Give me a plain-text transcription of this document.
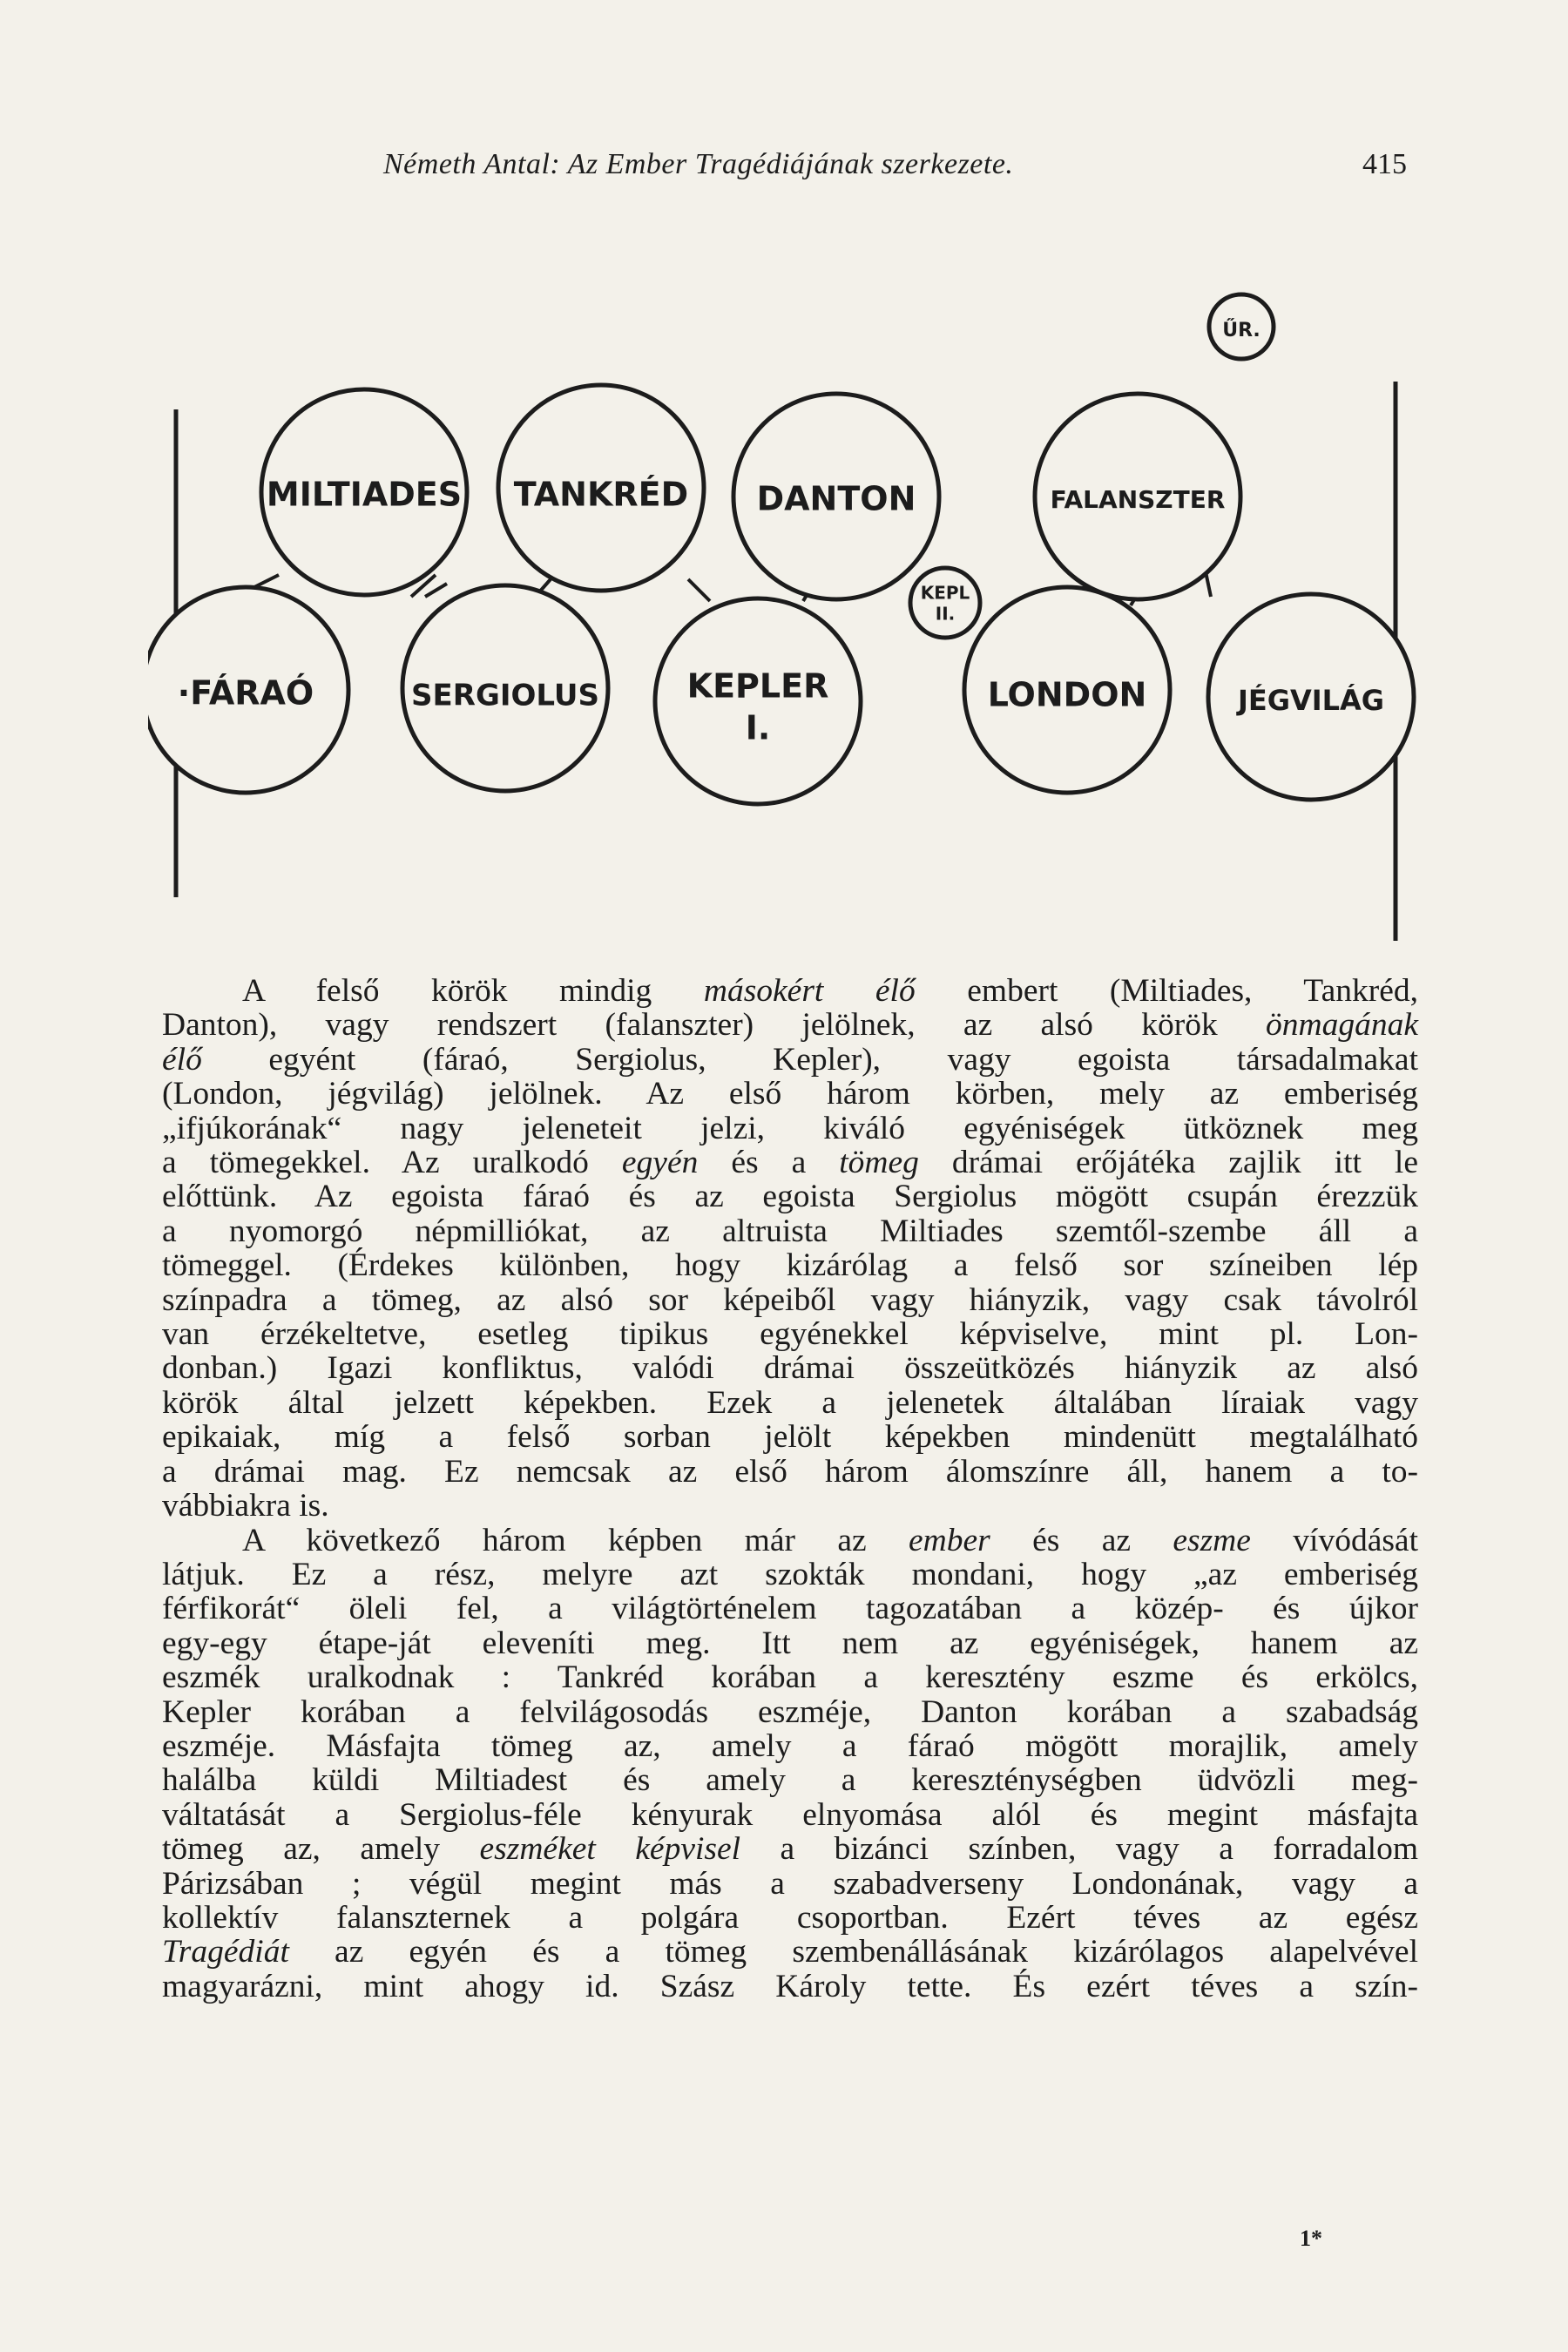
Németh Antal: Az Ember Tragédiájának szerkezete.	415
MILTIADES TANKRÉD DANTON	FALANSZTER
ŰR.
·FÁRAÓ	SERGIOLUS	KEPLER
I.
LONDON	JÉGVILÁG
KEPL
II.

A felső körök mindig másokért élő embert (Miltiades, Tankréd,
Danton), vagy rendszert (falanszter) jelölnek, az alsó körök önmagának
élő egyént (fáraó, Sergiolus, Kepler), vagy egoista társadalmakat
(London, jégvilág) jelölnek. Az első három körben, mely az emberiség
„ifjúkorának“ nagy jeleneteit jelzi, kiváló egyéniségek ütköznek meg
a tömegekkel. Az uralkodó egyén és a tömeg drámai erőjátéka zajlik itt le
előttünk. Az egoista fáraó és az egoista Sergiolus mögött csupán érezzük
a nyomorgó népmilliókat, az altruista Miltiades szemtől-szembe áll a
tömeggel. (Érdekes különben, hogy kizárólag a felső sor színeiben lép
színpadra a tömeg, az alsó sor képeiből vagy hiányzik, vagy csak távolról
van érzékeltetve, esetleg tipikus egyénekkel képviselve, mint pl. Lon-
donban.) Igazi konfliktus, valódi drámai összeütközés hiányzik az alsó
körök által jelzett képekben. Ezek a jelenetek általában líraiak vagy
epikaiak, míg a felső sorban jelölt képekben mindenütt megtalálható
a drámai mag. Ez nemcsak az első három álomszínre áll, hanem a to-
vábbiakra is.

A következő három képben már az ember és az eszme vívódását
látjuk. Ez a rész, melyre azt szokták mondani, hogy „az emberiség
férfikorát“ öleli fel, a világtörténelem tagozatában a közép- és újkor
egy-egy étape-ját eleveníti meg. Itt nem az egyéniségek, hanem az
eszmék uralkodnak : Tankréd korában a keresztény eszme és erkölcs,
Kepler korában a felvilágosodás eszméje, Danton korában a szabadság
eszméje. Másfajta tömeg az, amely a fáraó mögött morajlik, amely
halálba küldi Miltiadest és amely a kereszténységben üdvözli meg-
váltatását a Sergiolus-féle kényurak elnyomása alól és megint másfajta
tömeg az, amely eszméket képvisel a bizánci színben, vagy a forradalom
Párizsában ; végül megint más a szabadverseny Londonának, vagy a
kollektív falanszternek a polgára csoportban. Ezért téves az egész
Tragédiát az egyén és a tömeg szembenállásának kizárólagos alapelvével
magyarázni, mint ahogy id. Szász Károly tette. És ezért téves a szín-

1*
